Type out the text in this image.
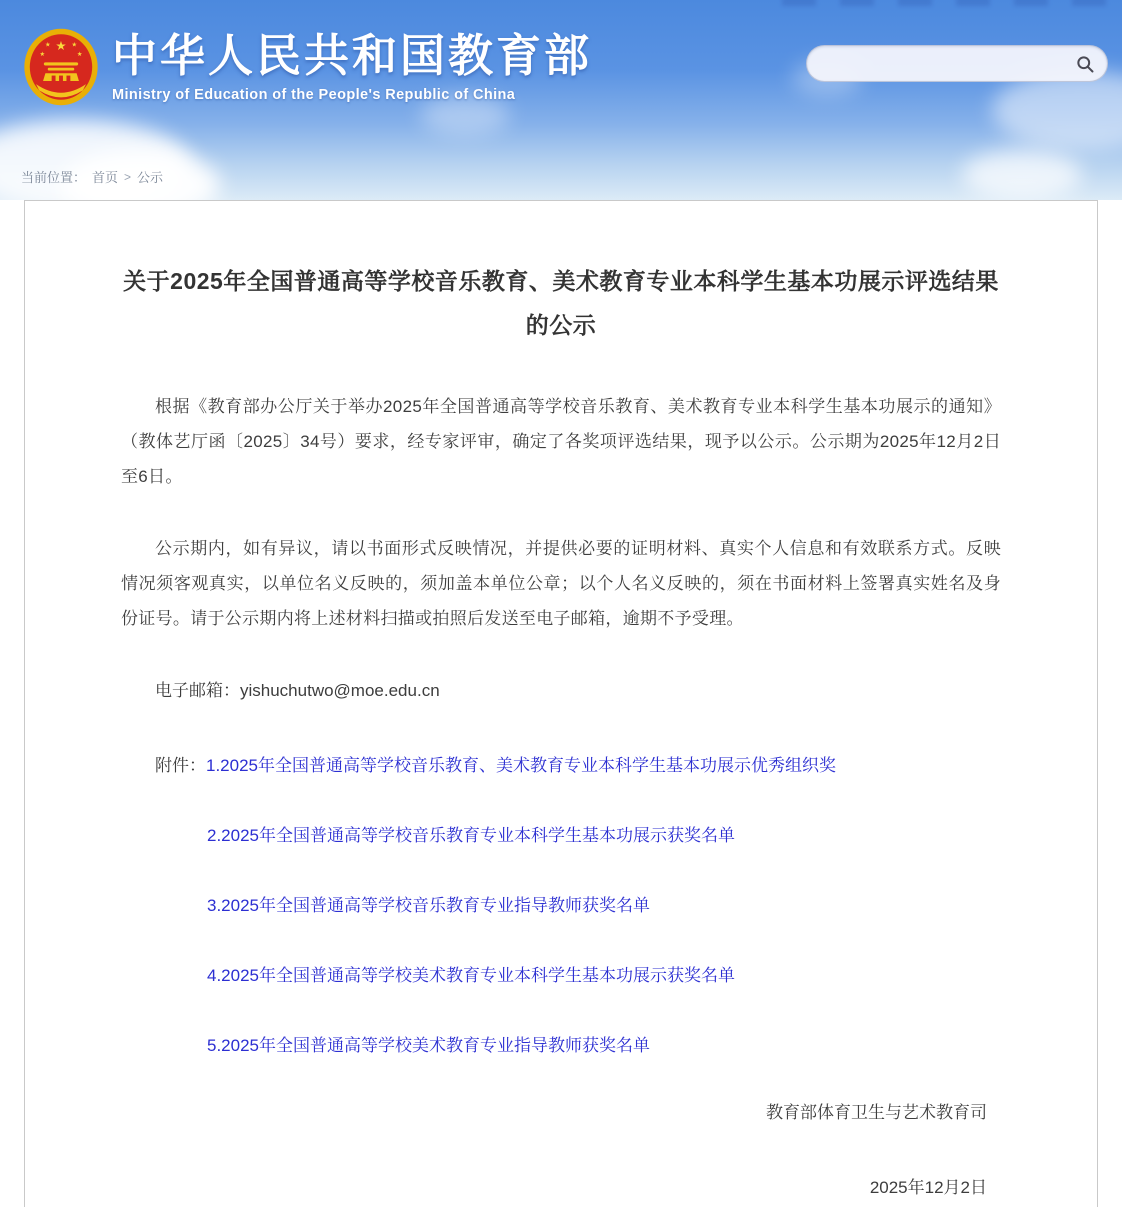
★
★	★
★	★ 中华人民共和国教育部
Ministry of Education of the People's Republic of China
当前位置： 首页 > 公示
关于2025年全国普通高等学校音乐教育、美术教育专业本科学生基本功展示评选结果的公示

根据《教育部办公厅关于举办2025年全国普通高等学校音乐教育、美术教育专业本科学生基本功展示的通知》（教体艺厅函〔2025〕34号）要求，经专家评审，确定了各奖项评选结果，现予以公示。公示期为2025年12月2日至6日。

公示期内，如有异议，请以书面形式反映情况，并提供必要的证明材料、真实个人信息和有效联系方式。反映情况须客观真实，以单位名义反映的，须加盖本单位公章；以个人名义反映的，须在书面材料上签署真实姓名及身份证号。请于公示期内将上述材料扫描或拍照后发送至电子邮箱，逾期不予受理。

电子邮箱：yishuchutwo@moe.edu.cn

附件：1.2025年全国普通高等学校音乐教育、美术教育专业本科学生基本功展示优秀组织奖
2.2025年全国普通高等学校音乐教育专业本科学生基本功展示获奖名单
3.2025年全国普通高等学校音乐教育专业指导教师获奖名单
4.2025年全国普通高等学校美术教育专业本科学生基本功展示获奖名单
5.2025年全国普通高等学校美术教育专业指导教师获奖名单
教育部体育卫生与艺术教育司
2025年12月2日
